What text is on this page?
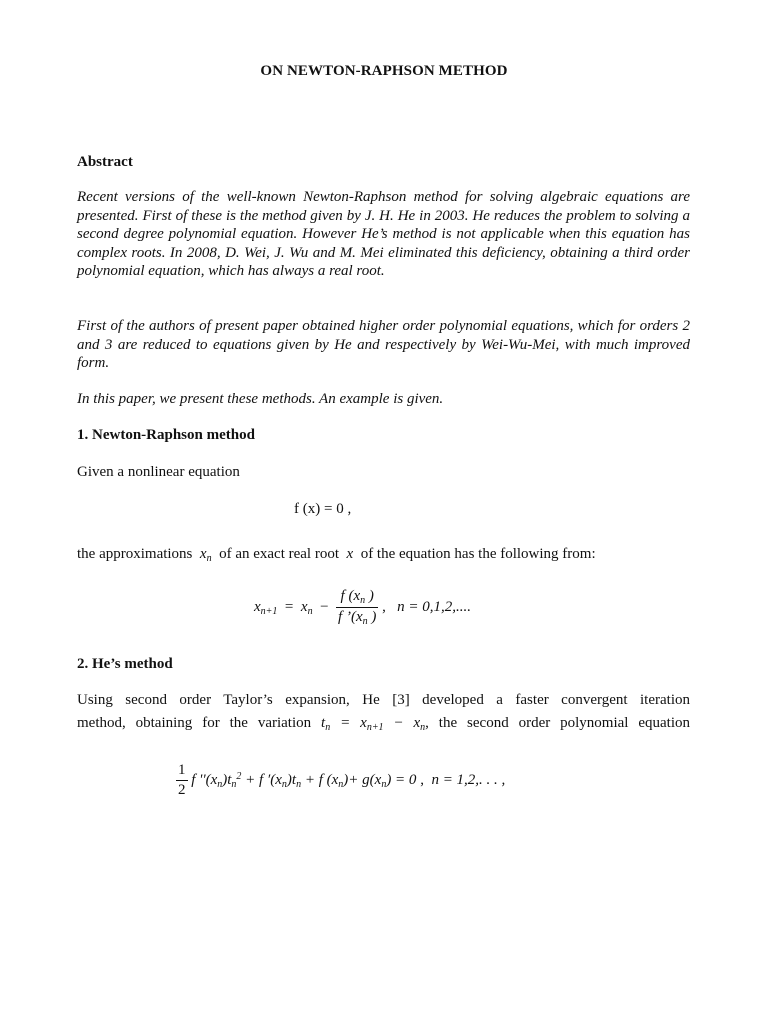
ON NEWTON-RAPHSON METHOD
Abstract
Recent versions of the well-known Newton-Raphson method for solving algebraic equations are presented. First of these is the method given by J. H. He in 2003. He reduces the problem to solving a second degree polynomial equation. However He’s method is not applicable when this equation has complex roots. In 2008, D. Wei, J. Wu and M. Mei eliminated this deficiency, obtaining a third order polynomial equation, which has always a real root.
First of the authors of present paper obtained higher order polynomial equations, which for orders 2 and 3 are reduced to equations given by He and respectively by Wei-Wu-Mei, with much improved form.
In this paper, we present these methods. An example is given.
1. Newton-Raphson method
Given a nonlinear equation
f (x) = 0 ,
the approximations $x_n$ of an exact real root x of the equation has the following from:
$x_{n+1} = x_n - \frac{f (x_n )}{f ’(x_n )}$ ,   n = 0,1,2,....
2. He’s method
Using second order Taylor’s expansion, He [3] developed a faster convergent iteration
method, obtaining for the variation $t_n = x_{n+1} - x_n$, the second order polynomial equation
$\frac{1}{2}$ f ''$(x_n)t_n^2 + f$ $'(x_n)t_n + f$ $(x_n)+ g(x_n) = 0$ ,  n = 1,2,. . . ,
